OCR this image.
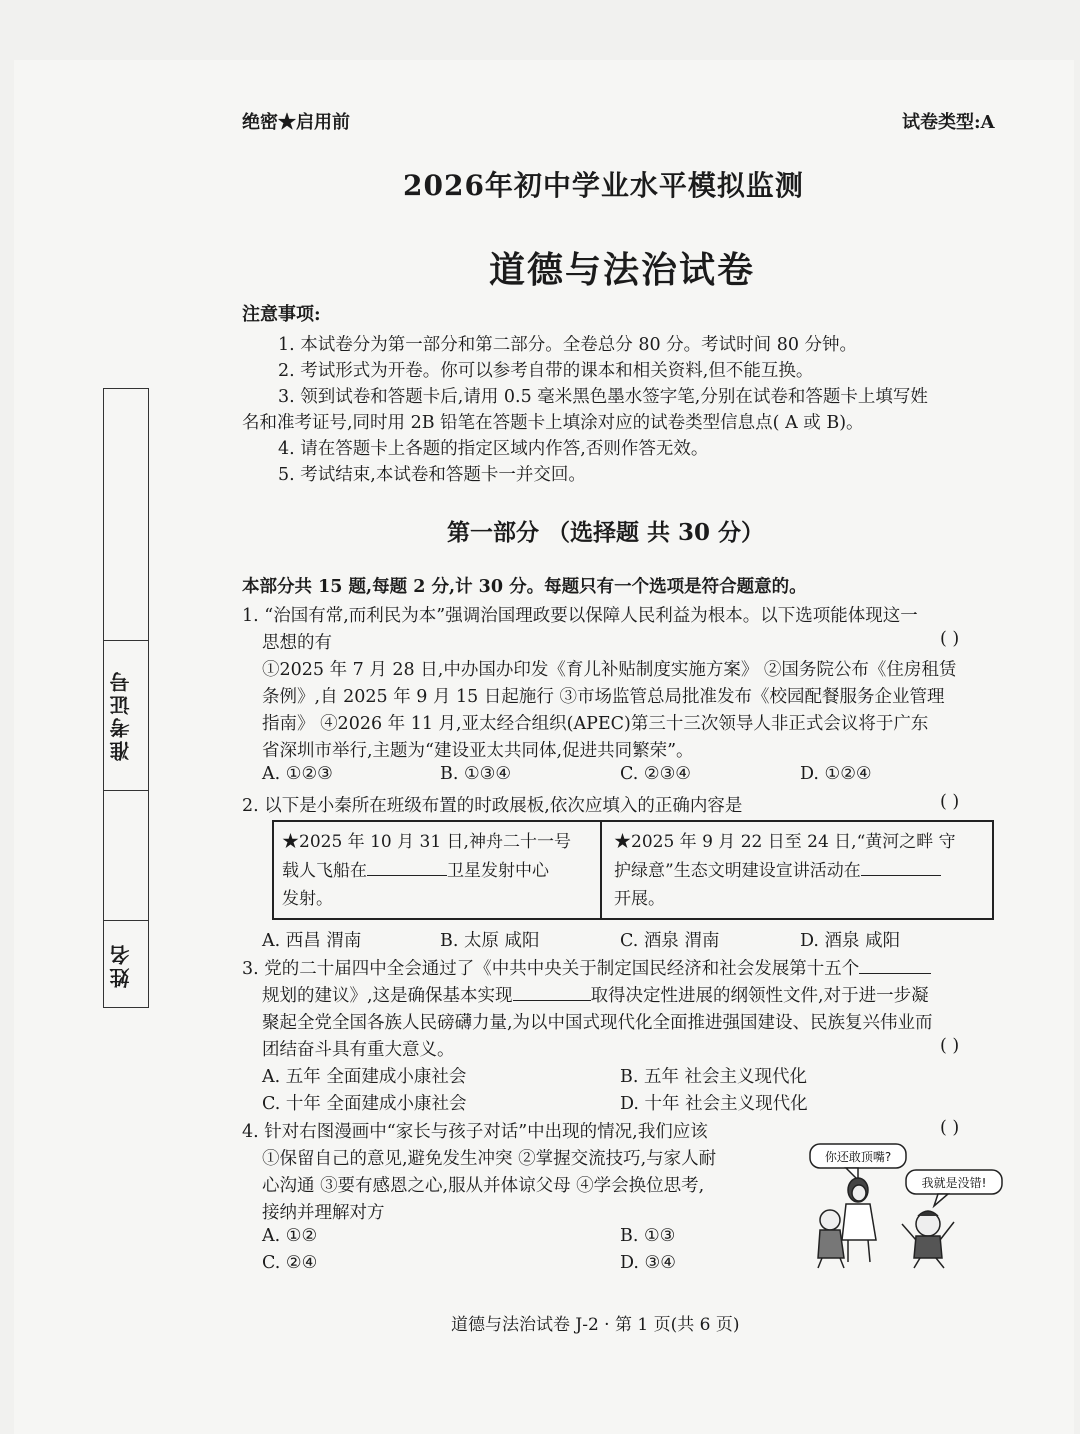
绝密★启用前	试卷类型:A
2026年初中学业水平模拟监测
道德与法治试卷
准考证号
姓名
注意事项:
1. 本试卷分为第一部分和第二部分。全卷总分 80 分。考试时间 80 分钟。
2. 考试形式为开卷。你可以参考自带的课本和相关资料,但不能互换。
3. 领到试卷和答题卡后,请用 0.5 毫米黑色墨水签字笔,分别在试卷和答题卡上填写姓
名和准考证号,同时用 2B 铅笔在答题卡上填涂对应的试卷类型信息点( A 或 B)。
4. 请在答题卡上各题的指定区域内作答,否则作答无效。
5. 考试结束,本试卷和答题卡一并交回。
第一部分 （选择题 共 30 分）
本部分共 15 题,每题 2 分,计 30 分。每题只有一个选项是符合题意的。
1. “治国有常,而利民为本”强调治国理政要以保障人民利益为根本。以下选项能体现这一
思想的有	( )
①2025 年 7 月 28 日,中办国办印发《育儿补贴制度实施方案》 ②国务院公布《住房租赁
条例》,自 2025 年 9 月 15 日起施行 ③市场监管总局批准发布《校园配餐服务企业管理
指南》 ④2026 年 11 月,亚太经合组织(APEC)第三十三次领导人非正式会议将于广东
省深圳市举行,主题为“建设亚太共同体,促进共同繁荣”。
A. ①②③	B. ①③④	C. ②③④	D. ①②④
2. 以下是小秦所在班级布置的时政展板,依次应填入的正确内容是	( )
★2025 年 10 月 31 日,神舟二十一号
载人飞船在	卫星发射中心
发射。
★2025 年 9 月 22 日至 24 日,“黄河之畔 守
护绿意”生态文明建设宣讲活动在
开展。
A. 西昌 渭南	B. 太原 咸阳	C. 酒泉 渭南	D. 酒泉 咸阳
3. 党的二十届四中全会通过了《中共中央关于制定国民经济和社会发展第十五个
规划的建议》,这是确保基本实现	取得决定性进展的纲领性文件,对于进一步凝
聚起全党全国各族人民磅礴力量,为以中国式现代化全面推进强国建设、民族复兴伟业而
团结奋斗具有重大意义。	( )
A. 五年 全面建成小康社会	B. 五年 社会主义现代化
C. 十年 全面建成小康社会	D. 十年 社会主义现代化
4. 针对右图漫画中“家长与孩子对话”中出现的情况,我们应该	( )
①保留自己的意见,避免发生冲突 ②掌握交流技巧,与家人耐
心沟通 ③要有感恩之心,服从并体谅父母 ④学会换位思考,
接纳并理解对方
A. ①②	B. ①③
C. ②④	D. ③④
你还敢顶嘴?
我就是没错!
道德与法治试卷 J-2 · 第 1 页(共 6 页)
